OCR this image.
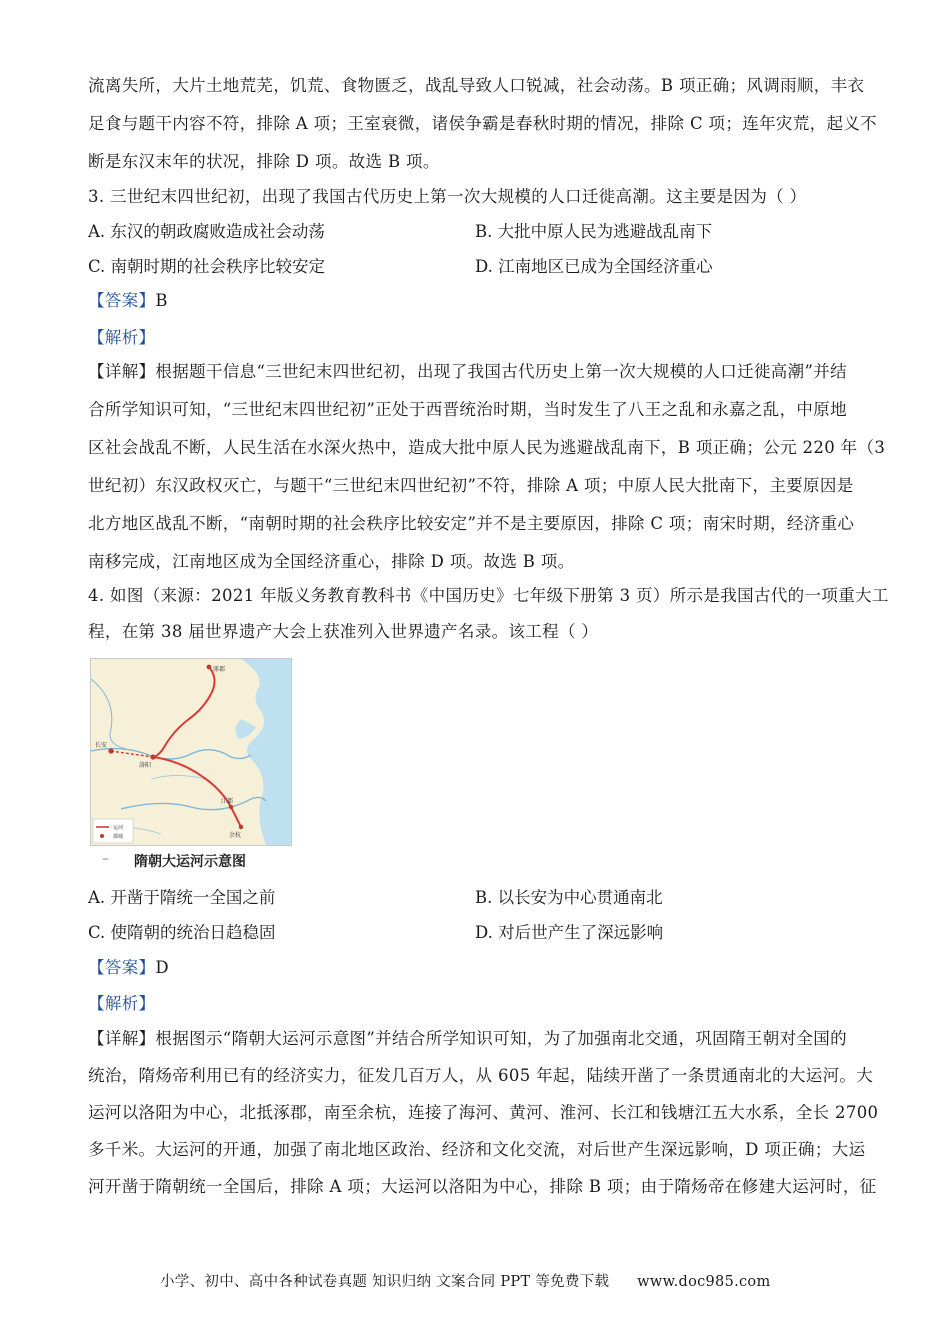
流离失所，大片土地荒芜，饥荒、食物匮乏，战乱导致人口锐减，社会动荡。B 项正确；风调雨顺，丰衣
足食与题干内容不符，排除 A 项；王室衰微，诸侯争霸是春秋时期的情况，排除 C 项；连年灾荒，起义不
断是东汉末年的状况，排除 D 项。故选 B 项。
3. 三世纪末四世纪初，出现了我国古代历史上第一次大规模的人口迁徙高潮。这主要是因为（ ）
A. 东汉的朝政腐败造成社会动荡	B. 大批中原人民为逃避战乱南下
C. 南朝时期的社会秩序比较安定	D. 江南地区已成为全国经济重心
【答案】B
【解析】
【详解】根据题干信息“三世纪末四世纪初，出现了我国古代历史上第一次大规模的人口迁徙高潮”并结
合所学知识可知，“三世纪末四世纪初”正处于西晋统治时期，当时发生了八王之乱和永嘉之乱，中原地
区社会战乱不断，人民生活在水深火热中，造成大批中原人民为逃避战乱南下，B 项正确；公元 220 年（3
世纪初）东汉政权灭亡，与题干“三世纪末四世纪初”不符，排除 A 项；中原人民大批南下，主要原因是
北方地区战乱不断，“南朝时期的社会秩序比较安定”并不是主要原因，排除 C 项；南宋时期，经济重心
南移完成，江南地区成为全国经济重心，排除 D 项。故选 B 项。
4. 如图（来源：2021 年版义务教育教科书《中国历史》七年级下册第 3 页）所示是我国古代的一项重大工
程，在第 38 届世界遗产大会上获准列入世界遗产名录。该工程（ ）
涿郡
长安
洛阳
江都
余杭
运河
都城
– 隋朝大运河示意图
A. 开凿于隋统一全国之前	B. 以长安为中心贯通南北
C. 使隋朝的统治日趋稳固	D. 对后世产生了深远影响
【答案】D
【解析】
【详解】根据图示“隋朝大运河示意图”并结合所学知识可知，为了加强南北交通，巩固隋王朝对全国的
统治，隋炀帝利用已有的经济实力，征发几百万人，从 605 年起，陆续开凿了一条贯通南北的大运河。大
运河以洛阳为中心，北抵涿郡，南至余杭，连接了海河、黄河、淮河、长江和钱塘江五大水系，全长 2700
多千米。大运河的开通，加强了南北地区政治、经济和文化交流，对后世产生深远影响，D 项正确；大运
河开凿于隋朝统一全国后，排除 A 项；大运河以洛阳为中心，排除 B 项；由于隋炀帝在修建大运河时，征
小学、初中、高中各种试卷真题 知识归纳 文案合同 PPT 等免费下载 www.doc985.com
